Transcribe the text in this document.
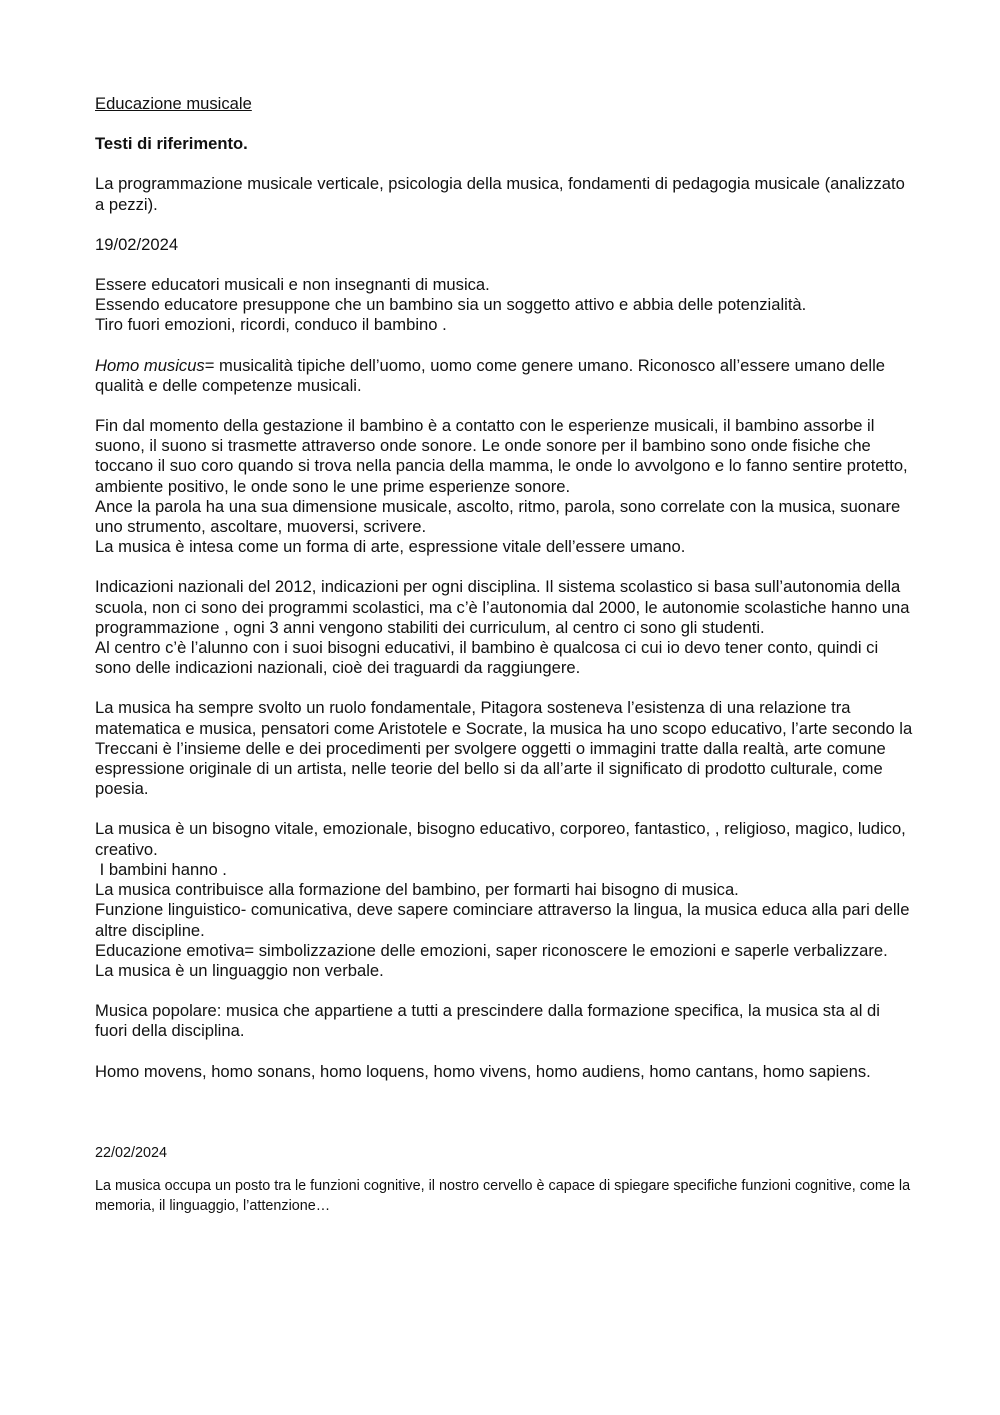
Educazione musicale

Testi di riferimento.

La programmazione musicale verticale, psicologia della musica, fondamenti di pedagogia musicale (analizzato a pezzi).

19/02/2024

Essere educatori musicali e non insegnanti di musica.

Essendo educatore presuppone che un bambino sia un soggetto attivo e abbia delle potenzialità.

Tiro fuori emozioni, ricordi, conduco il bambino .

Homo musicus= musicalità tipiche dell’uomo, uomo come genere umano. Riconosco all’essere umano delle qualità e delle competenze musicali.

Fin dal momento della gestazione il bambino è a contatto con le esperienze musicali, il bambino assorbe il suono, il suono si trasmette attraverso onde sonore. Le onde sonore per il bambino sono onde fisiche che toccano il suo coro quando si trova nella pancia della mamma, le onde lo avvolgono e lo fanno sentire protetto, ambiente positivo, le onde sono le une prime esperienze sonore.

Ance la parola ha una sua dimensione musicale, ascolto, ritmo, parola, sono correlate con la musica, suonare uno strumento, ascoltare, muoversi, scrivere.

La musica è intesa come un forma di arte, espressione vitale dell’essere umano.

Indicazioni nazionali del 2012, indicazioni per ogni disciplina. Il sistema scolastico si basa sull’autonomia della scuola, non ci sono dei programmi scolastici, ma c’è l’autonomia dal 2000, le autonomie scolastiche hanno una programmazione , ogni 3 anni vengono stabiliti dei curriculum, al centro ci sono gli studenti.

Al centro c’è l’alunno con i suoi bisogni educativi, il bambino è qualcosa ci cui io devo tener conto, quindi ci sono delle indicazioni nazionali, cioè dei traguardi da raggiungere.

La musica ha sempre svolto un ruolo fondamentale, Pitagora sosteneva l’esistenza di una relazione tra matematica e musica, pensatori come Aristotele e Socrate, la musica ha uno scopo educativo, l’arte secondo la Treccani è l’insieme delle e dei procedimenti per svolgere oggetti o immagini tratte dalla realtà, arte comune espressione originale di un artista, nelle teorie del bello si da all’arte il significato di prodotto culturale, come poesia.

La musica è un bisogno vitale, emozionale, bisogno educativo, corporeo, fantastico, , religioso, magico, ludico, creativo.

I bambini hanno .

La musica contribuisce alla formazione del bambino, per formarti hai bisogno di musica.

Funzione linguistico- comunicativa, deve sapere cominciare attraverso la lingua, la musica educa alla pari delle altre discipline.

Educazione emotiva= simbolizzazione delle emozioni, saper riconoscere le emozioni e saperle verbalizzare.

La musica è un linguaggio non verbale.

Musica popolare: musica che appartiene a tutti a prescindere dalla formazione specifica, la musica sta al di fuori della disciplina.

Homo movens, homo sonans, homo loquens, homo vivens, homo audiens, homo cantans, homo sapiens.

22/02/2024

La musica occupa un posto tra le funzioni cognitive, il nostro cervello è capace di spiegare specifiche funzioni cognitive, come la memoria, il linguaggio, l’attenzione…
